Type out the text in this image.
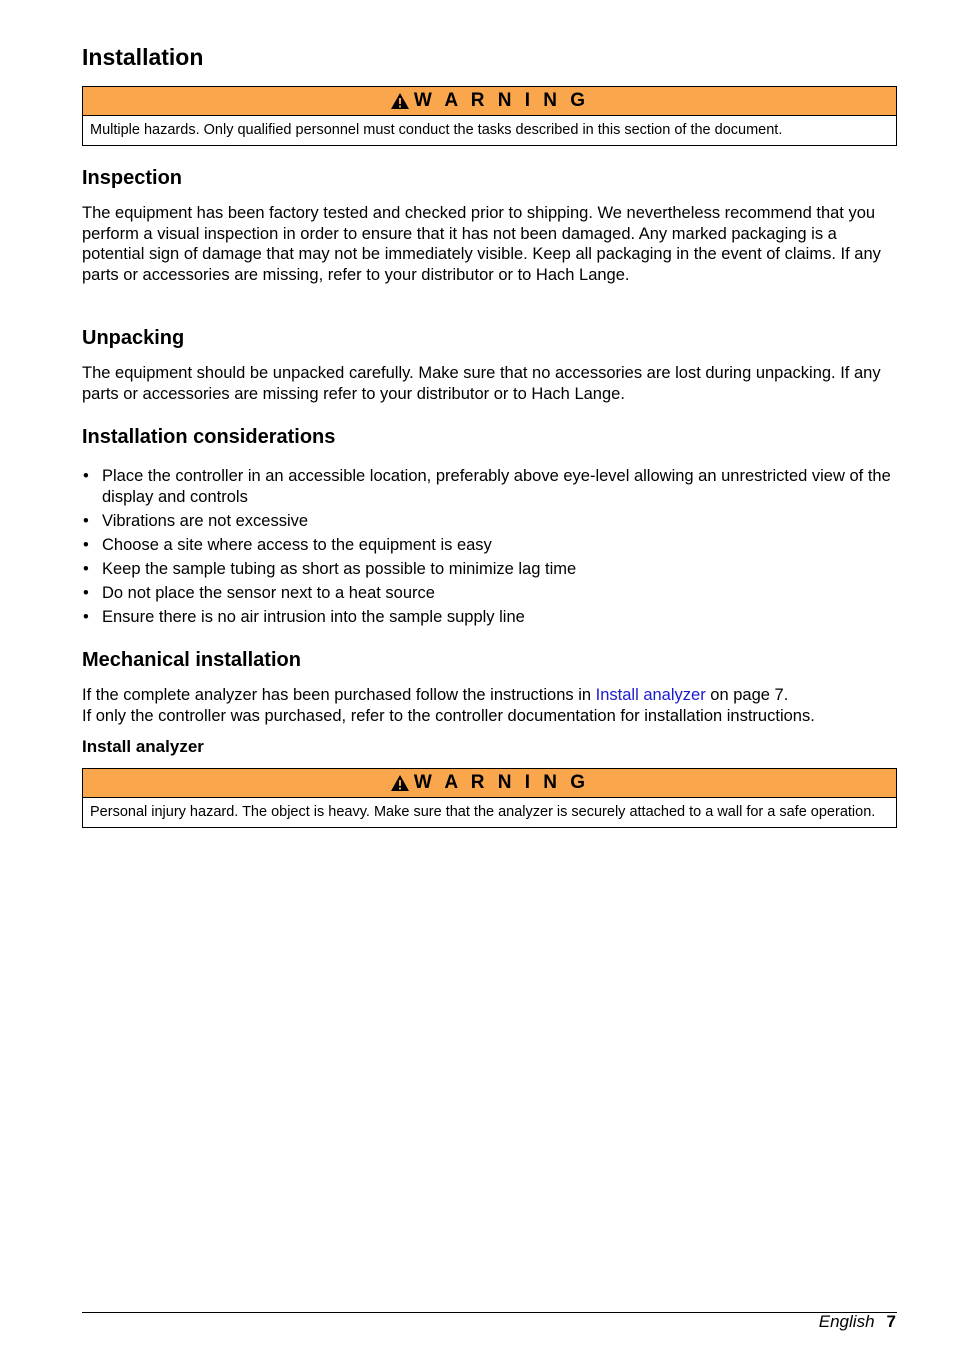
Installation
W A R N I N G
Multiple hazards. Only qualified personnel must conduct the tasks described in this section of the document.
Inspection

The equipment has been factory tested and checked prior to shipping. We nevertheless recommend that you perform a visual inspection in order to ensure that it has not been damaged. Any marked packaging is a potential sign of damage that may not be immediately visible. Keep all packaging in the event of claims. If any parts or accessories are missing, refer to your distributor or to Hach Lange.

Unpacking

The equipment should be unpacked carefully. Make sure that no accessories are lost during unpacking. If any parts or accessories are missing refer to your distributor or to Hach Lange.

Installation considerations
• Place the controller in an accessible location, preferably above eye-level allowing an unrestricted view of the display and controls
• Vibrations are not excessive
• Choose a site where access to the equipment is easy
• Keep the sample tubing as short as possible to minimize lag time
• Do not place the sensor next to a heat source
• Ensure there is no air intrusion into the sample supply line
Mechanical installation

If the complete analyzer has been purchased follow the instructions in Install analyzer on page 7.
If only the controller was purchased, refer to the controller documentation for installation instructions.

Install analyzer
W A R N I N G
Personal injury hazard. The object is heavy. Make sure that the analyzer is securely attached to a wall for a safe operation.
English 7
